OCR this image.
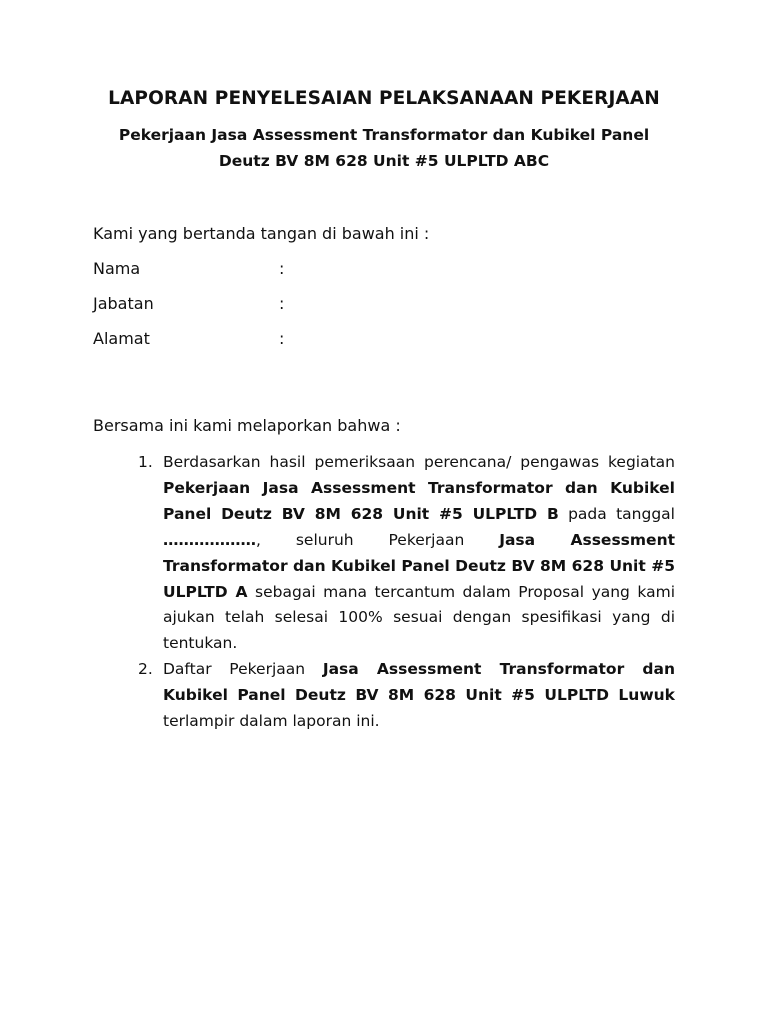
LAPORAN PENYELESAIAN PELAKSANAAN PEKERJAAN

Pekerjaan Jasa Assessment Transformator dan Kubikel Panel

Deutz BV 8M 628 Unit #5 ULPLTD ABC

Kami yang bertanda tangan di bawah ini :

Nama	:
Jabatan	:
Alamat	:

Bersama ini kami melaporkan bahwa :

1. Berdasarkan hasil pemeriksaan perencana/ pengawas kegiatan Pekerjaan Jasa Assessment Transformator dan Kubikel Panel Deutz BV 8M 628 Unit #5 ULPLTD B pada tanggal ………………, seluruh Pekerjaan Jasa Assessment Transformator dan Kubikel Panel Deutz BV 8M 628 Unit #5 ULPLTD A sebagai mana tercantum dalam Proposal yang kami ajukan telah selesai 100% sesuai dengan spesifikasi yang di tentukan.
2. Daftar Pekerjaan Jasa Assessment Transformator dan Kubikel Panel Deutz BV 8M 628 Unit #5 ULPLTD Luwuk terlampir dalam laporan ini.
